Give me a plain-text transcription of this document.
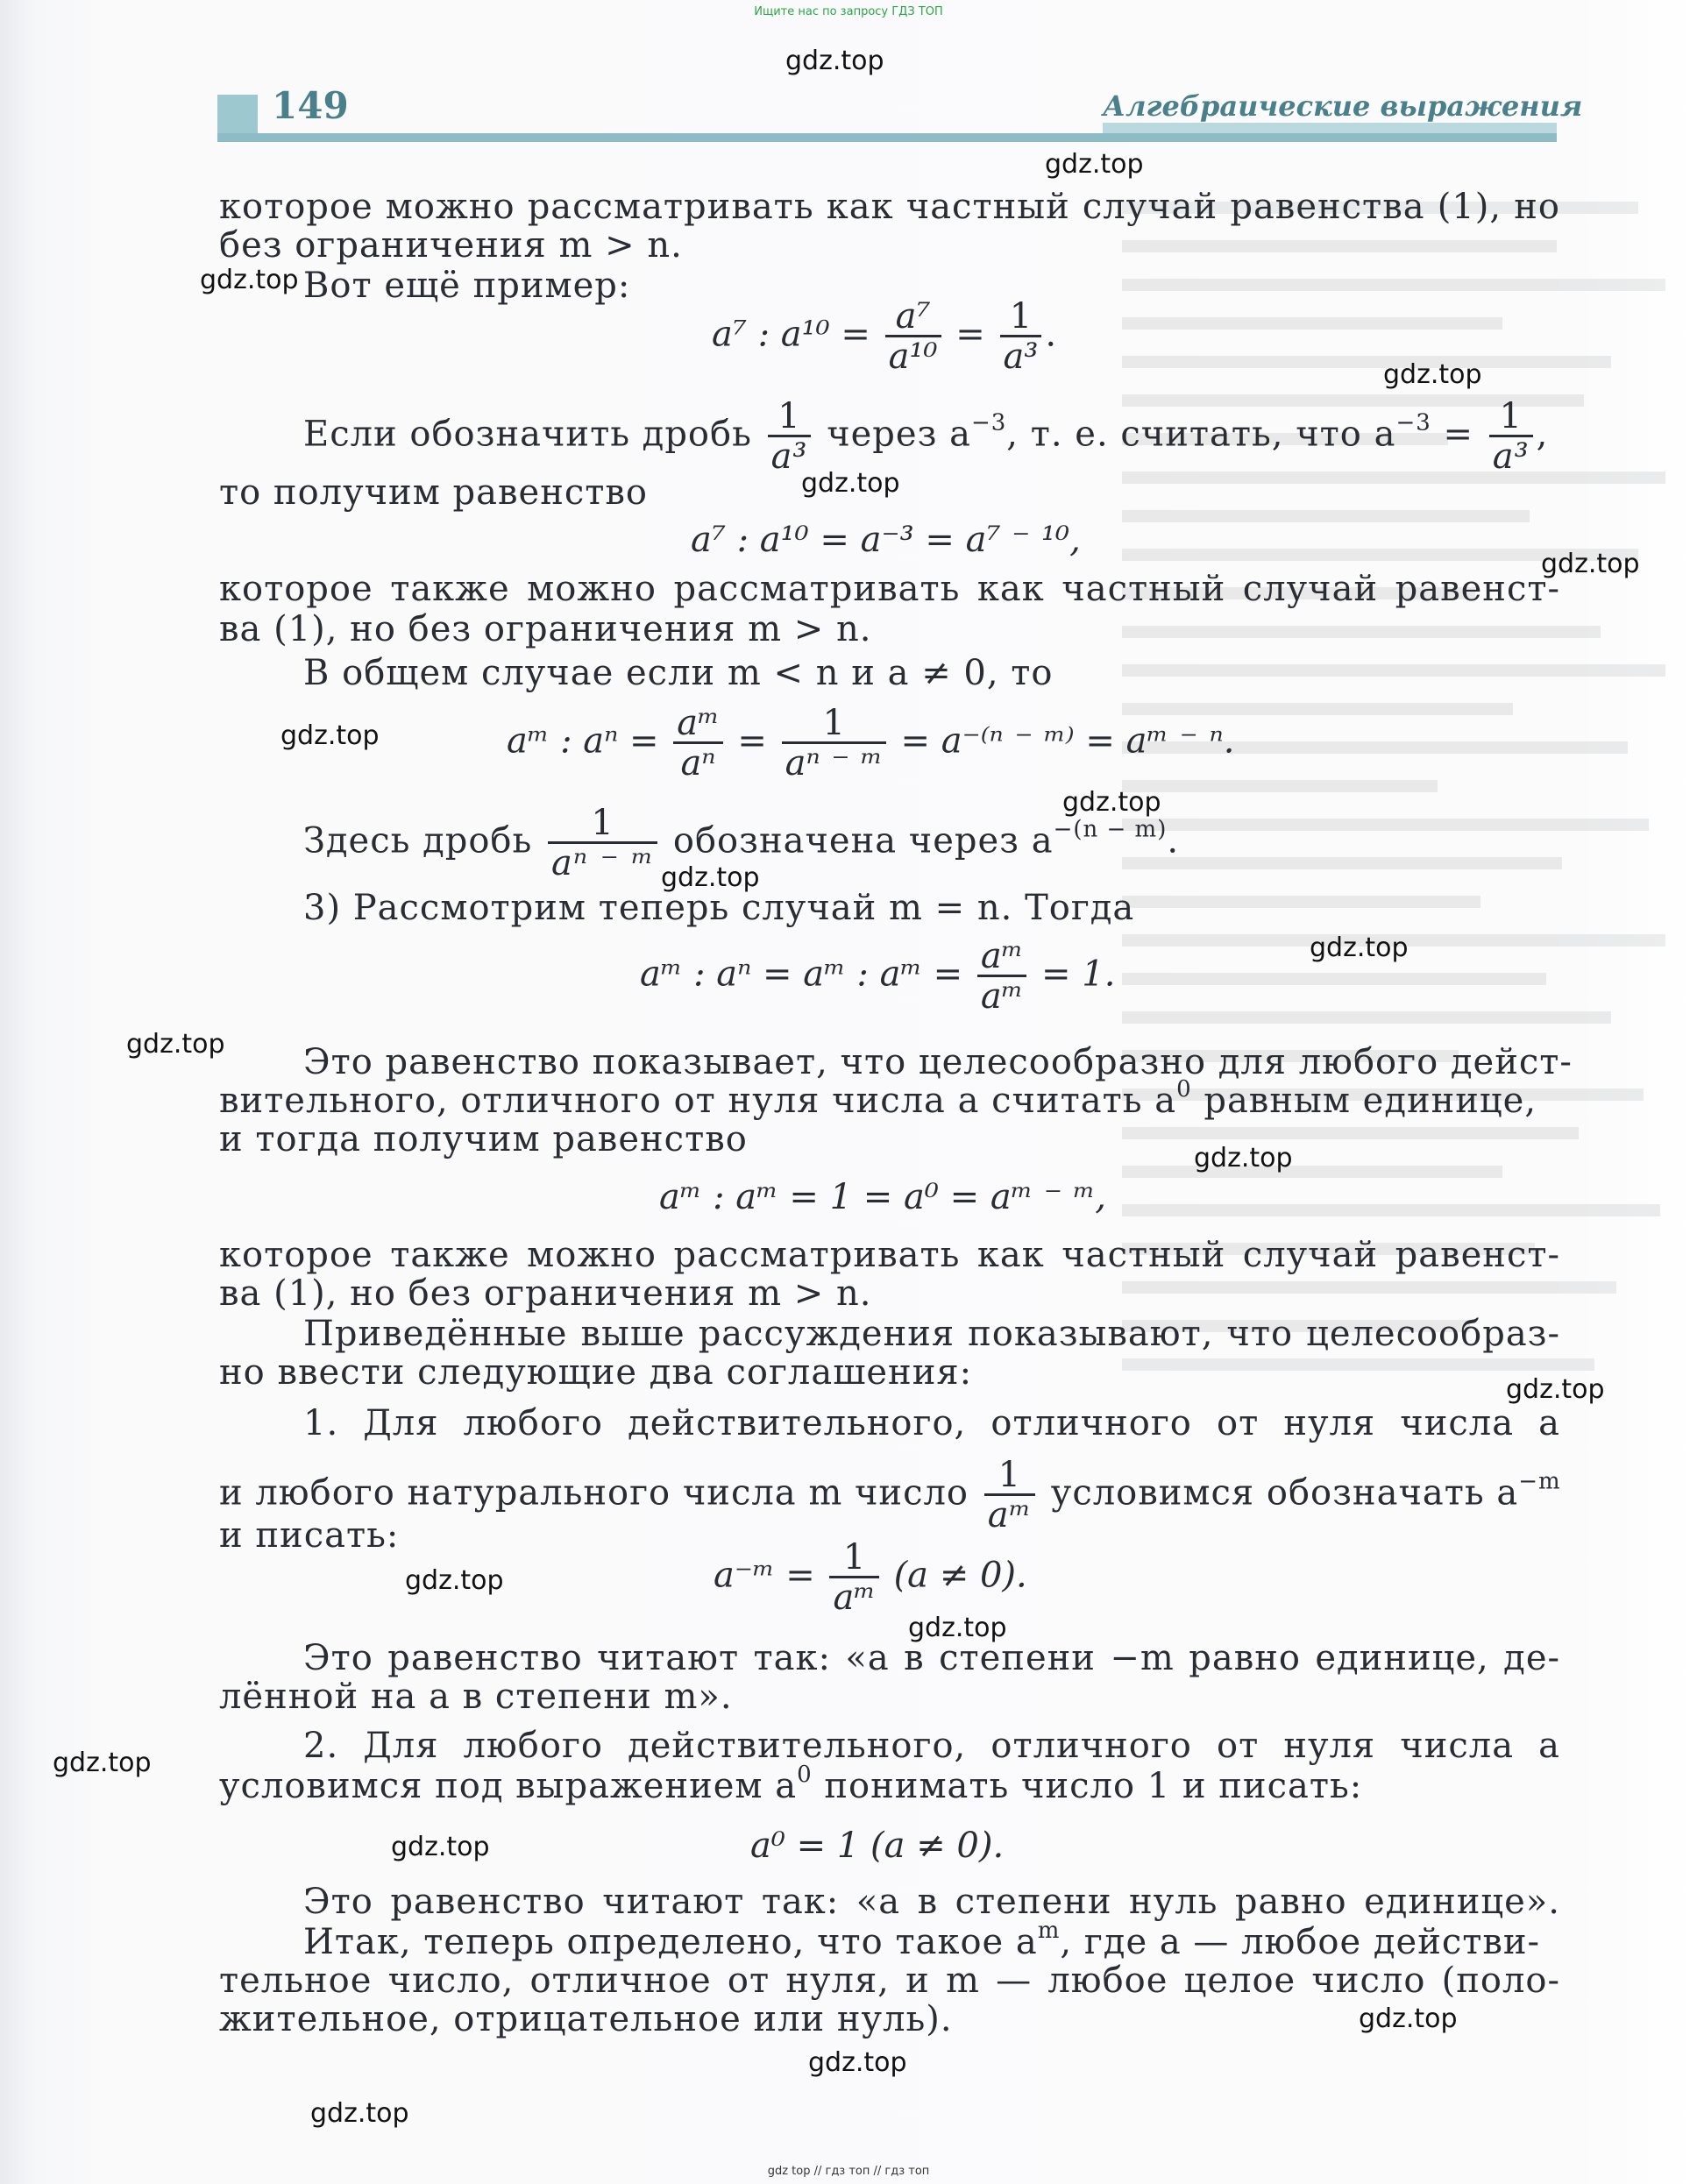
Ищите нас по запросу ГДЗ ТОП
149	Алгебраические выражения
gdz.top
gdz.top
gdz.top
gdz.top
gdz.top
gdz.top
gdz.top
gdz.top
gdz.top
gdz.top
gdz.top
gdz.top
gdz.top
gdz.top
gdz.top
gdz.top
gdz.top
gdz.top
gdz.top
gdz.top
которое можно рассматривать как частный случай равенства (1), но
без ограничения m > n.
Вот ещё пример:
a⁷ : $a^{10} = \frac{\text{a⁷}}{\text{a¹⁰}} = \frac{1}{\text{a³}}$ .
Если обозначить дробь $\frac{1}{\text{a³}}$ через $a^{-3}$, т. е. считать, что $a^{-3} = \frac{1}{\text{a³}}$ ,
то получим равенство
a⁷ : a¹⁰ = a⁻³ = a⁷ ⁻ ¹⁰,
которое также можно рассматривать как частный случай равенст-
ва (1), но без ограничения m > n.
В общем случае если m < n и a ≠ 0, то
aᵐ : $a^n = \frac{\text{aᵐ}}{\text{aⁿ}} = \frac{1}{\text{aⁿ ⁻ ᵐ}} = a^{-(n}$ ⁻ ᵐ⁾ = aᵐ ⁻ ⁿ.
Здесь дробь $\frac{1}{\text{aⁿ ⁻ ᵐ}}$ обозначена через $a^{-(n - m)}$.
3) Рассмотрим теперь случай m = n. Тогда
aᵐ : aⁿ = aᵐ : aᵐ = $\frac{\text{aᵐ}}{\text{aᵐ}} = 1$.
Это равенство показывает, что целесообразно для любого дейст-
вительного, отличного от нуля числа a считать $a^0$ равным единице,
и тогда получим равенство
aᵐ : aᵐ = 1 = a⁰ = aᵐ ⁻ ᵐ,
которое также можно рассматривать как частный случай равенст-
ва (1), но без ограничения m > n.
Приведённые выше рассуждения показывают, что целесообраз-
но ввести следующие два соглашения:
1. Для любого действительного, отличного от нуля числа a
и любого натурального числа m число $\frac{1}{\text{aᵐ}}$ условимся обозначать $a^{-m}$
и писать:
a⁻ᵐ = $\frac{1}{\text{aᵐ}} (a \ne 0)$.
Это равенство читают так: «a в степени −m равно единице, де-
лённой на a в степени m».
2. Для любого действительного, отличного от нуля числа a
условимся под выражением $a^0$ понимать число 1 и писать:
a⁰ = 1 (a ≠ 0).
Это равенство читают так: «a в степени нуль равно единице».
Итак, теперь определено, что такое $a^m$, где a — любое действи-
тельное число, отличное от нуля, и m — любое целое число (поло-
жительное, отрицательное или нуль).
gdz top // гдз топ // гдз топ
